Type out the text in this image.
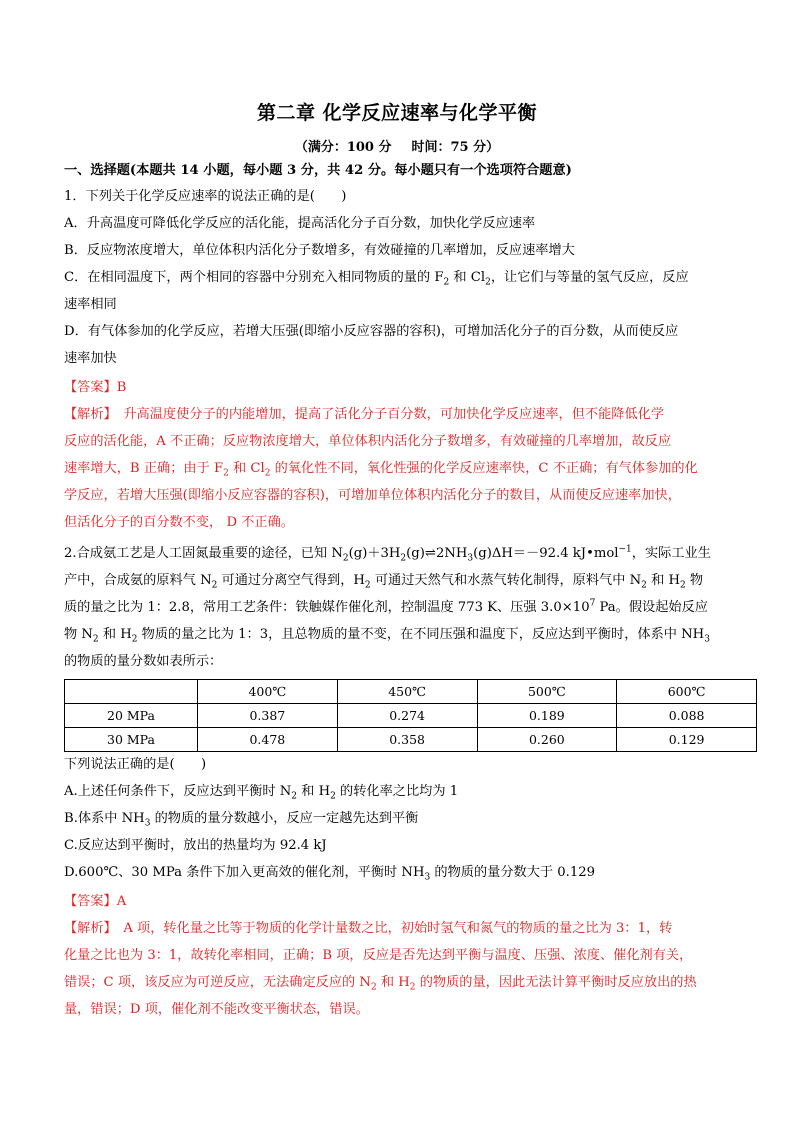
第二章 化学反应速率与化学平衡
（满分：100 分 时间：75 分）
一、选择题(本题共 14 小题，每小题 3 分，共 42 分。每小题只有一个选项符合题意)
1．下列关于化学反应速率的说法正确的是(　　)
A．升高温度可降低化学反应的活化能，提高活化分子百分数，加快化学反应速率
B．反应物浓度增大，单位体积内活化分子数增多，有效碰撞的几率增加，反应速率增大
C．在相同温度下，两个相同的容器中分别充入相同物质的量的 $F_2$ 和 $Cl_2$，让它们与等量的氢气反应，反应
速率相同
D．有气体参加的化学反应，若增大压强(即缩小反应容器的容积)，可增加活化分子的百分数，从而使反应
速率加快
【答案】B
【解析】　升高温度使分子的内能增加，提高了活化分子百分数，可加快化学反应速率，但不能降低化学
反应的活化能，A 不正确；反应物浓度增大，单位体积内活化分子数增多，有效碰撞的几率增加，故反应
速率增大，B 正确；由于 $F_2$ 和 $Cl_2$ 的氧化性不同，氧化性强的化学反应速率快，C 不正确；有气体参加的化
学反应，若增大压强(即缩小反应容器的容积)，可增加单位体积内活化分子的数目，从而使反应速率加快，
但活化分子的百分数不变， D 不正确。
2.合成氨工艺是人工固氮最重要的途径，已知 $N_2(g)+3H_2(g)\rightleftharpoons 2NH_3(g)\Delta H=-92.4$ kJ•mol$^{-1}$，实际工业生
产中，合成氨的原料气 $N_2$ 可通过分离空气得到，$H_2$ 可通过天然气和水蒸气转化制得，原料气中 $N_2$ 和 $H_2$ 物
质的量之比为 1：2.8，常用工艺条件：铁触媒作催化剂，控制温度 773 K、压强 $3.0\times 10^7$ Pa。假设起始反应
物 $N_2$ 和 $H_2$ 物质的量之比为 1：3，且总物质的量不变，在不同压强和温度下，反应达到平衡时，体系中 $NH_3$
的物质的量分数如表所示：
	400℃	450℃	500℃	600℃
20 MPa	0.387	0.274	0.189	0.088
30 MPa	0.478	0.358	0.260	0.129
下列说法正确的是(　　)
A.上述任何条件下，反应达到平衡时 $N_2$ 和 $H_2$ 的转化率之比均为 1
B.体系中 $NH_3$ 的物质的量分数越小，反应一定越先达到平衡
C.反应达到平衡时，放出的热量均为 92.4 kJ
D.600℃、30 MPa 条件下加入更高效的催化剂，平衡时 $NH_3$ 的物质的量分数大于 0.129
【答案】A
【解析】　A 项，转化量之比等于物质的化学计量数之比，初始时氢气和氮气的物质的量之比为 3：1，转
化量之比也为 3：1，故转化率相同，正确；B 项，反应是否先达到平衡与温度、压强、浓度、催化剂有关，
错误；C 项，该反应为可逆反应，无法确定反应的 $N_2$ 和 $H_2$ 的物质的量，因此无法计算平衡时反应放出的热
量，错误；D 项，催化剂不能改变平衡状态，错误。
